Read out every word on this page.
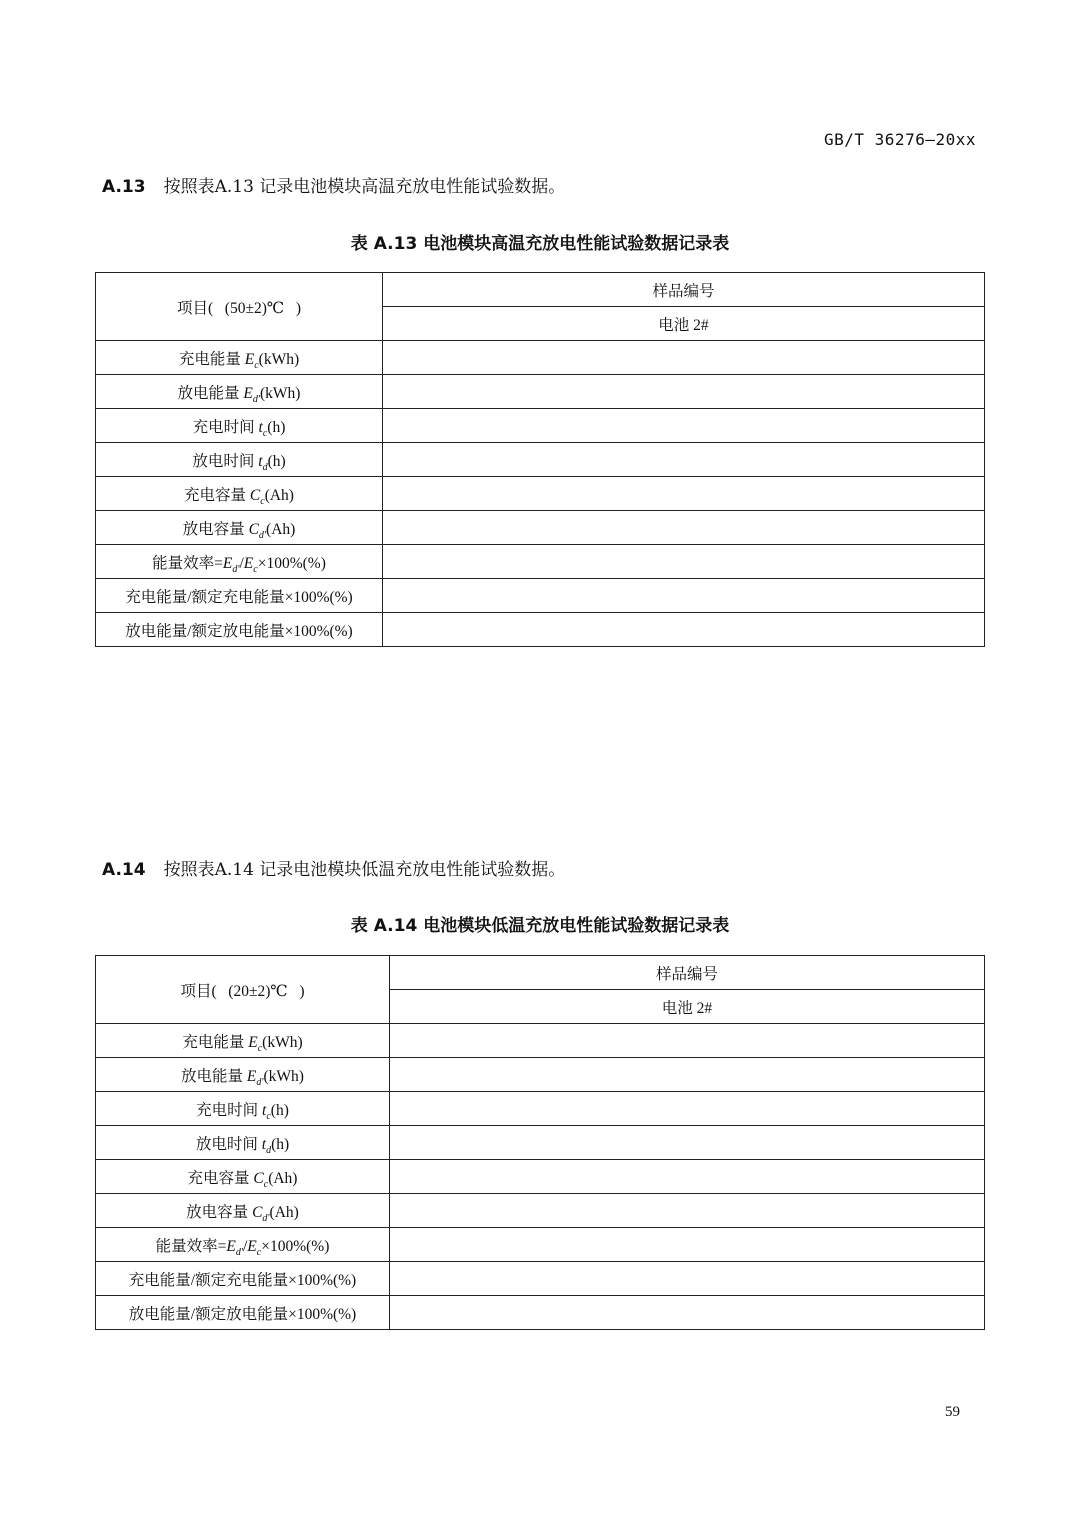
GB/T 36276—20xx
A.13 按照表A.13 记录电池模块高温充放电性能试验数据。
表 A.13 电池模块高温充放电性能试验数据记录表
项目( (50±2)℃ )	样品编号
	电池 2#
充电能量 $E_c(kWh)$	
放电能量 $E_{d'}(kWh)$	
充电时间 $t_c(h)$	
放电时间 $t_d(h)$	
充电容量 $C_c(Ah)$	
放电容量 $C_{d'}(Ah)$	
能量效率$=E_{d'}/E_c\times 100\%(\%)$	
充电能量/额定充电能量×100%(%)	
放电能量/额定放电能量×100%(%)	
A.14 按照表A.14 记录电池模块低温充放电性能试验数据。
表 A.14 电池模块低温充放电性能试验数据记录表
项目( (20±2)℃ )	样品编号
	电池 2#
充电能量 $E_c(kWh)$	
放电能量 $E_{d'}(kWh)$	
充电时间 $t_c(h)$	
放电时间 $t_d(h)$	
充电容量 $C_c(Ah)$	
放电容量 $C_{d'}(Ah)$	
能量效率$=E_{d'}/E_c\times 100\%(\%)$	
充电能量/额定充电能量×100%(%)	
放电能量/额定放电能量×100%(%)	
59
